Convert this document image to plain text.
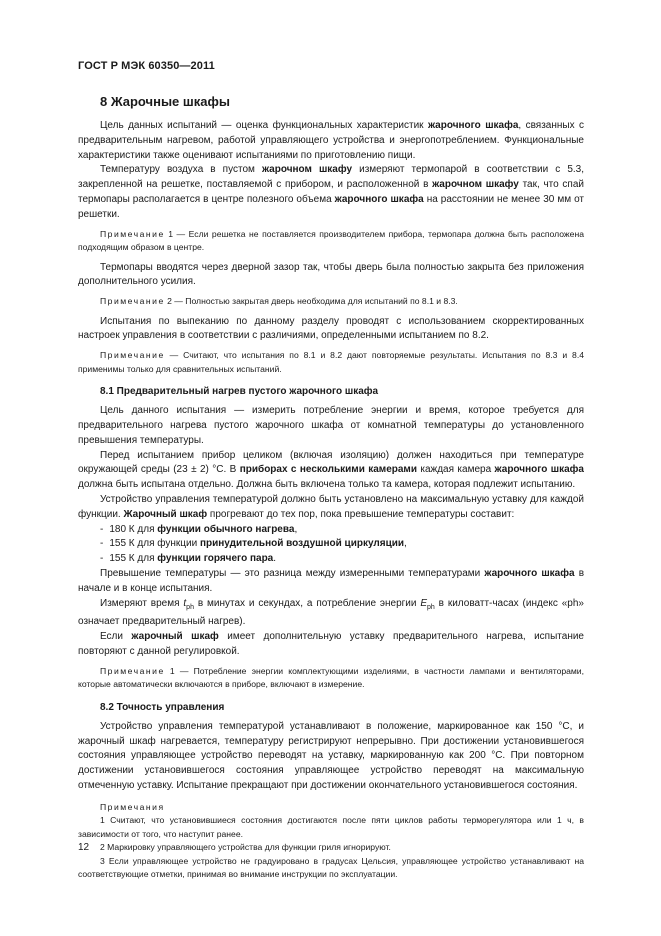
ГОСТ Р МЭК 60350—2011
8 Жарочные шкафы

Цель данных испытаний — оценка функциональных характеристик жарочного шкафа, связанных с предварительным нагревом, работой управляющего устройства и энергопотреблением. Функциональные характеристики также оценивают испытаниями по приготовлению пищи.

Температуру воздуха в пустом жарочном шкафу измеряют термопарой в соответствии с 5.3, закрепленной на решетке, поставляемой с прибором, и расположенной в жарочном шкафу так, что спай термопары располагается в центре полезного объема жарочного шкафа на расстоянии не менее 30 мм от решетки.

Примечание 1 — Если решетка не поставляется производителем прибора, термопара должна быть расположена подходящим образом в центре.

Термопары вводятся через дверной зазор так, чтобы дверь была полностью закрыта без приложения дополнительного усилия.

Примечание 2 — Полностью закрытая дверь необходима для испытаний по 8.1 и 8.3.

Испытания по выпеканию по данному разделу проводят с использованием скорректированных настроек управления в соответствии с различиями, определенными испытанием по 8.2.

Примечание — Считают, что испытания по 8.1 и 8.2 дают повторяемые результаты. Испытания по 8.3 и 8.4 применимы только для сравнительных испытаний.
8.1 Предварительный нагрев пустого жарочного шкафа

Цель данного испытания — измерить потребление энергии и время, которое требуется для предварительного нагрева пустого жарочного шкафа от комнатной температуры до установленного превышения температуры.

Перед испытанием прибор целиком (включая изоляцию) должен находиться при температуре окружающей среды (23 ± 2) °С. В приборах с несколькими камерами каждая камера жарочного шкафа должна быть испытана отдельно. Должна быть включена только та камера, которая подлежит испытанию.

Устройство управления температурой должно быть установлено на максимальную уставку для каждой функции. Жарочный шкаф прогревают до тех пор, пока превышение температуры составит:

- 180 К для функции обычного нагрева,
- 155 К для функции принудительной воздушной циркуляции,
- 155 К для функции горячего пара.

Превышение температуры — это разница между измеренными температурами жарочного шкафа в начале и в конце испытания.

Измеряют время $t_{ph}$ в минутах и секундах, а потребление энергии $E_{ph}$ в киловатт-часах (индекс «ph» означает предварительный нагрев).

Если жарочный шкаф имеет дополнительную уставку предварительного нагрева, испытание повторяют с данной регулировкой.

Примечание 1 — Потребление энергии комплектующими изделиями, в частности лампами и вентиляторами, которые автоматически включаются в приборе, включают в измерение.
8.2 Точность управления

Устройство управления температурой устанавливают в положение, маркированное как 150 °С, и жарочный шкаф нагревается, температуру регистрируют непрерывно. При достижении установившегося состояния управляющее устройство переводят на уставку, маркированную как 200 °С. При повторном достижении установившегося состояния управляющее устройство переводят на максимальную отмеченную уставку. Испытание прекращают при достижении окончательного установившегося состояния.

Примечания
1 Считают, что установившиеся состояния достигаются после пяти циклов работы терморегулятора или 1 ч, в зависимости от того, что наступит ранее.
2 Маркировку управляющего устройства для функции гриля игнорируют.
3 Если управляющее устройство не градуировано в градусах Цельсия, управляющее устройство устанавливают на соответствующие отметки, принимая во внимание инструкции по эксплуатации.
12
